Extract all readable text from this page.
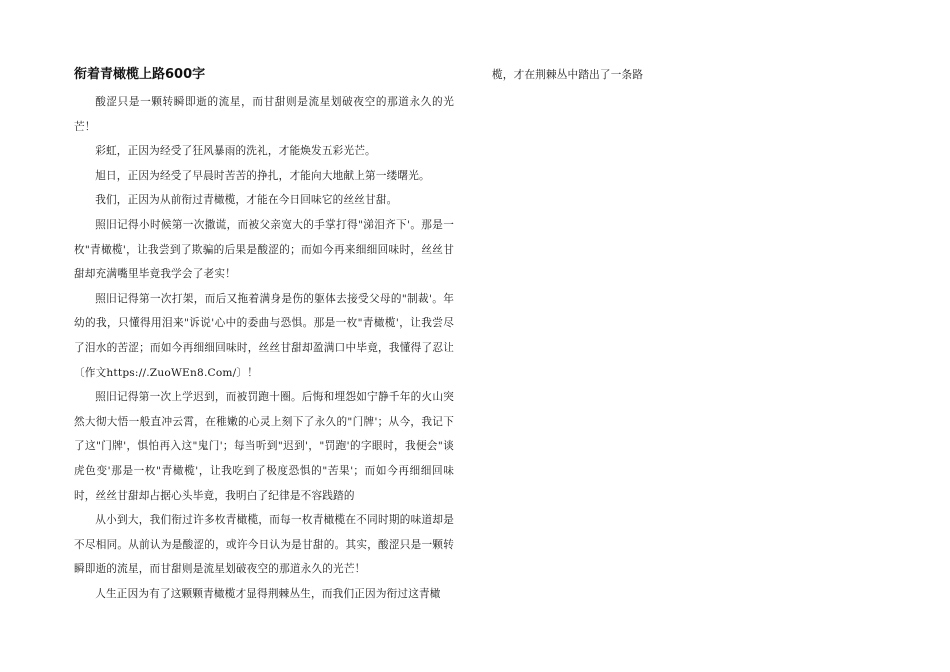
衔着青橄榄上路600字

酸涩只是一颗转瞬即逝的流星，而甘甜则是流星划破夜空的那道永久的光芒！

彩虹，正因为经受了狂风暴雨的洗礼，才能焕发五彩光芒。

旭日，正因为经受了早晨时苦苦的挣扎，才能向大地献上第一缕曙光。

我们，正因为从前衔过青橄榄，才能在今日回味它的丝丝甘甜。

照旧记得小时候第一次撒谎，而被父亲宽大的手掌打得"涕泪齐下'。那是一枚"青橄榄'，让我尝到了欺骗的后果是酸涩的；而如今再来细细回味时，丝丝甘甜却充满嘴里毕竟我学会了老实！

照旧记得第一次打架，而后又拖着满身是伤的躯体去接受父母的"制裁'。年幼的我，只懂得用泪来"诉说'心中的委曲与恐惧。那是一枚"青橄榄'，让我尝尽了泪水的苦涩；而如今再细细回味时，丝丝甘甜却盈满口中毕竟，我懂得了忍让〔作文https://.ZuoWEn8.Com/〕！

照旧记得第一次上学迟到，而被罚跑十圈。后悔和埋怨如宁静千年的火山突然大彻大悟一般直冲云霄，在稚嫩的心灵上刻下了永久的"门牌'；从今，我记下了这"门牌'，惧怕再入这"鬼门'；每当听到"迟到'，"罚跑'的字眼时，我便会"谈虎色变'那是一枚"青橄榄'，让我吃到了极度恐惧的"苦果'；而如今再细细回味时，丝丝甘甜却占据心头毕竟，我明白了纪律是不容践踏的

从小到大，我们衔过许多枚青橄榄，而每一枚青橄榄在不同时期的味道却是不尽相同。从前认为是酸涩的，或许今日认为是甘甜的。其实，酸涩只是一颗转瞬即逝的流星，而甘甜则是流星划破夜空的那道永久的光芒！

人生正因为有了这颗颗青橄榄才显得荆棘丛生，而我们正因为衔过这青橄

榄，才在荆棘丛中踏出了一条路
